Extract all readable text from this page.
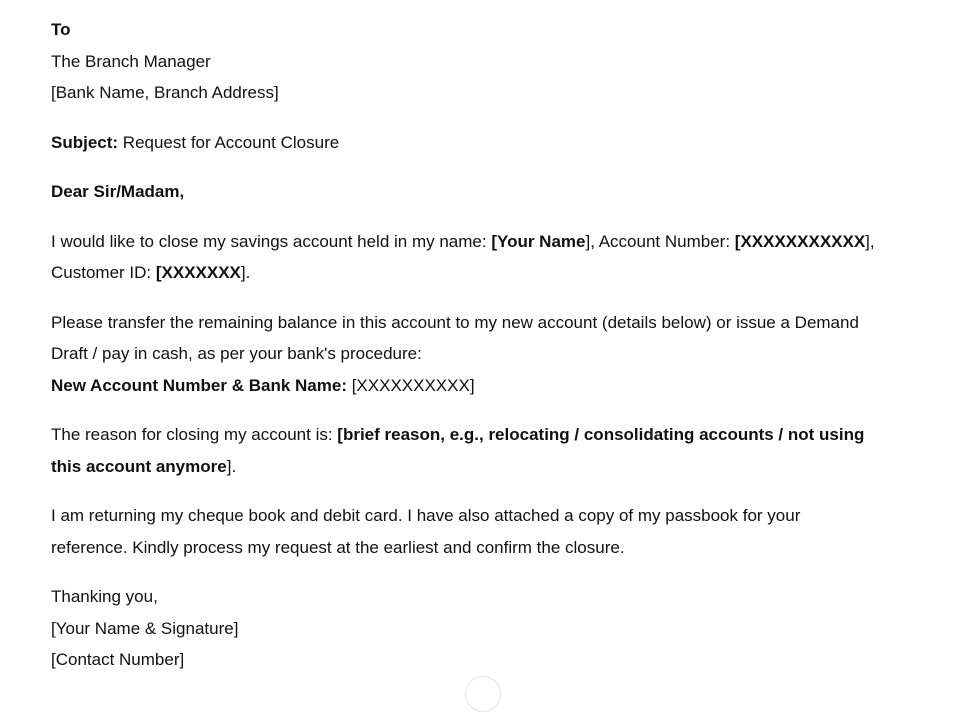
To
The Branch Manager
[Bank Name, Branch Address]

Subject: Request for Account Closure

Dear Sir/Madam,

I would like to close my savings account held in my name: [Your Name], Account Number: [XXXXXXXXXXX],
Customer ID: [XXXXXXX].

Please transfer the remaining balance in this account to my new account (details below) or issue a Demand
Draft / pay in cash, as per your bank's procedure:
New Account Number & Bank Name: [XXXXXXXXXX]

The reason for closing my account is: [brief reason, e.g., relocating / consolidating accounts / not using
this account anymore].

I am returning my cheque book and debit card. I have also attached a copy of my passbook for your
reference. Kindly process my request at the earliest and confirm the closure.

Thanking you,
[Your Name & Signature]
[Contact Number]
